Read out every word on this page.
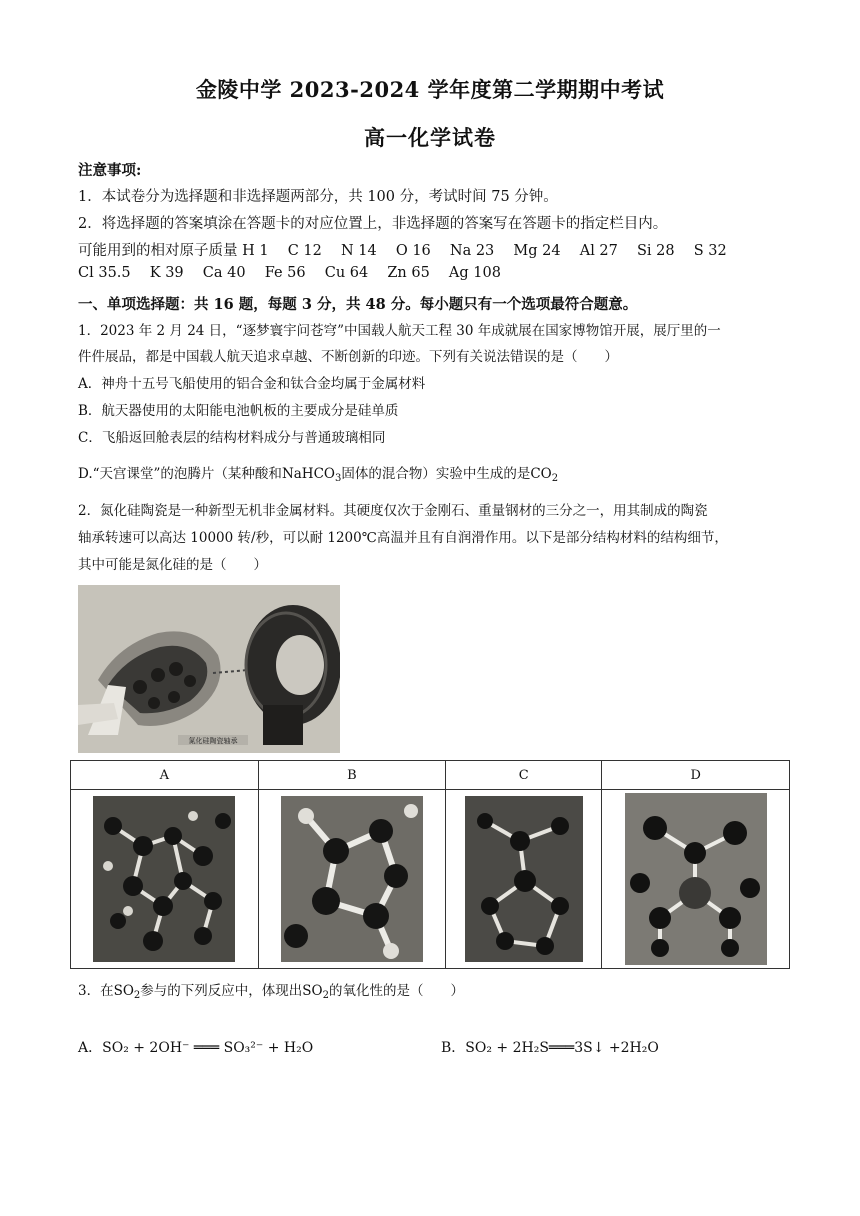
金陵中学 2023-2024 学年度第二学期期中考试
高一化学试卷
注意事项:
1．本试卷分为选择题和非选择题两部分，共 100 分，考试时间 75 分钟。
2．将选择题的答案填涂在答题卡的对应位置上，非选择题的答案写在答题卡的指定栏目内。
可能用到的相对原子质量 H 1  C 12  N 14  O 16  Na 23  Mg 24  Al 27  Si 28  S 32  Cl 35.5  K 39  Ca 40  Fe 56  Cu 64  Zn 65  Ag 108
一、单项选择题：共 16 题，每题 3 分，共 48 分。每小题只有一个选项最符合题意。
1．2023 年 2 月 24 日，“逐梦寰宇问苍穹”中国载人航天工程 30 年成就展在国家博物馆开展，展厅里的一
件件展品，都是中国载人航天追求卓越、不断创新的印迹。下列有关说法错误的是（　　）
A．神舟十五号飞船使用的铝合金和钛合金均属于金属材料
B．航天器使用的太阳能电池帆板的主要成分是硅单质
C．飞船返回舱表层的结构材料成分与普通玻璃相同
D.“天宫课堂”的泡腾片（某种酸和NaHCO$_3$固体的混合物）实验中生成的是$CO_2$
2．氮化硅陶瓷是一种新型无机非金属材料。其硬度仅次于金刚石、重量钢材的三分之一，用其制成的陶瓷
轴承转速可以高达 10000 转/秒，可以耐 1200℃高温并且有自润滑作用。以下是部分结构材料的结构细节，
其中可能是氮化硅的是（　　）
氮化硅陶瓷轴承
A	B	C	D

3．在$SO_2$参与的下列反应中，体现出$SO_2$的氧化性的是（　　）
A．SO₂ + 2OH⁻ ═══ SO₃²⁻ + H₂O	B．SO₂ + 2H₂S═══3S↓ +2H₂O
